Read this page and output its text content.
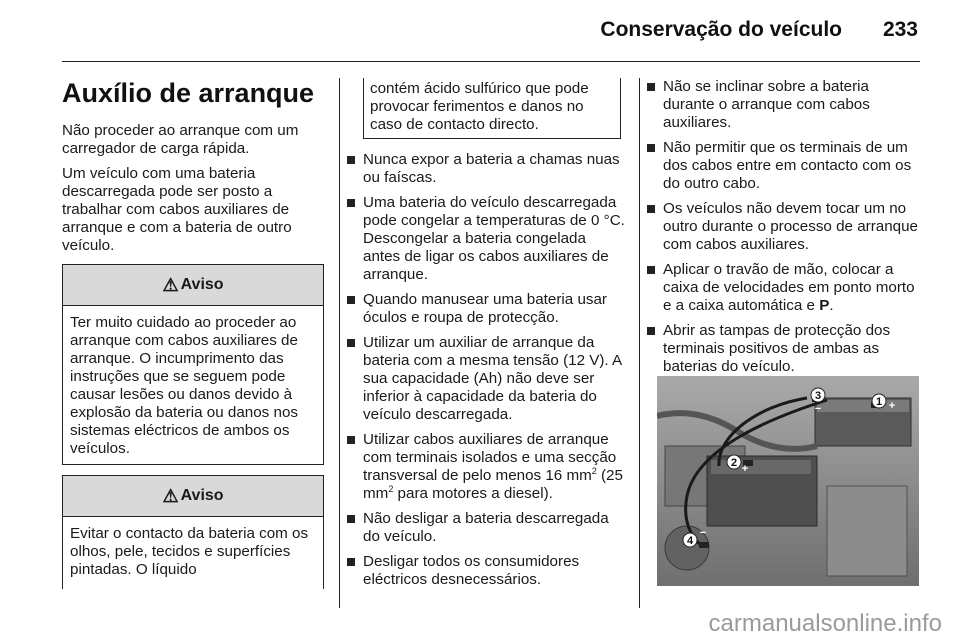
Conservação do veículo 233
Auxílio de arranque

Não proceder ao arranque com um carregador de carga rápida.

Um veículo com uma bateria descarregada pode ser posto a trabalhar com cabos auxiliares de arranque e com a bateria de outro veículo.

⚠ Aviso
Ter muito cuidado ao proceder ao arranque com cabos auxiliares de arranque. O incumprimento das instruções que se seguem pode causar lesões ou danos devido à explosão da bateria ou danos nos sistemas eléctricos de ambos os veículos.
⚠ Aviso
Evitar o contacto da bateria com os olhos, pele, tecidos e superfícies pintadas. O líquido
contém ácido sulfúrico que pode provocar ferimentos e danos no caso de contacto directo.
Nunca expor a bateria a chamas nuas ou faíscas.
Uma bateria do veículo descarregada pode congelar a temperaturas de 0 °C. Descongelar a bateria congelada antes de ligar os cabos auxiliares de arranque.
Quando manusear uma bateria usar óculos e roupa de protecção.
Utilizar um auxiliar de arranque da bateria com a mesma tensão (12 V). A sua capacidade (Ah) não deve ser inferior à capacidade da bateria do veículo descarregada.
Utilizar cabos auxiliares de arranque com terminais isolados e uma secção transversal de pelo menos 16 $mm^2$ (25 $mm^2$ para motores a diesel).
Não desligar a bateria descarregada do veículo.
Desligar todos os consumidores eléctricos desnecessários.
Não se inclinar sobre a bateria durante o arranque com cabos auxiliares.
Não permitir que os terminais de um dos cabos entre em contacto com os do outro cabo.
Os veículos não devem tocar um no outro durante o processo de arranque com cabos auxiliares.
Aplicar o travão de mão, colocar a caixa de velocidades em ponto morto e a caixa automática e P.
Abrir as tampas de protecção dos terminais positivos de ambas as baterias do veículo.
1 +
2 +
3
−
4
−
carmanualsonline.info
